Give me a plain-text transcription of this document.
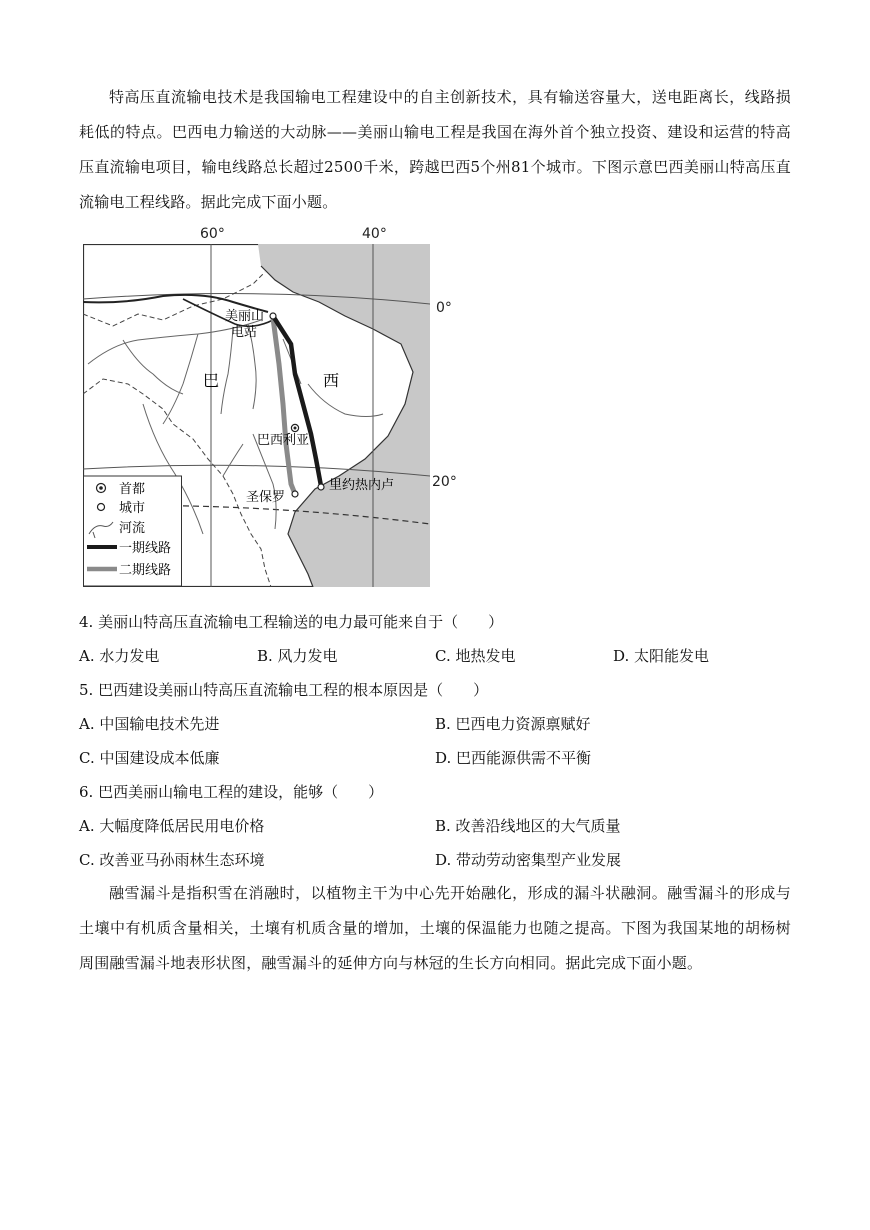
特高压直流输电技术是我国输电工程建设中的自主创新技术，具有输送容量大，送电距离长，线路损耗低的特点。巴西电力输送的大动脉——美丽山输电工程是我国在海外首个独立投资、建设和运营的特高压直流输电项目，输电线路总长超过2500千米，跨越巴西5个州81个城市。下图示意巴西美丽山特高压直流输电工程线路。据此完成下面小题。

60°	40°
0°
20°
美丽山
电站
巴	西
巴西利亚
圣保罗
里约热内卢
首都
城市
河流
一期线路
二期线路

4. 美丽山特高压直流输电工程输送的电力最可能来自于（　　）

A. 水力发电	B. 风力发电	C. 地热发电	D. 太阳能发电

5. 巴西建设美丽山特高压直流输电工程的根本原因是（　　）

A. 中国输电技术先进	B. 巴西电力资源禀赋好

C. 中国建设成本低廉	D. 巴西能源供需不平衡

6. 巴西美丽山输电工程的建设，能够（　　）

A. 大幅度降低居民用电价格	B. 改善沿线地区的大气质量

C. 改善亚马孙雨林生态环境	D. 带动劳动密集型产业发展

融雪漏斗是指积雪在消融时，以植物主干为中心先开始融化，形成的漏斗状融洞。融雪漏斗的形成与土壤中有机质含量相关，土壤有机质含量的增加，土壤的保温能力也随之提高。下图为我国某地的胡杨树周围融雪漏斗地表形状图，融雪漏斗的延伸方向与林冠的生长方向相同。据此完成下面小题。
